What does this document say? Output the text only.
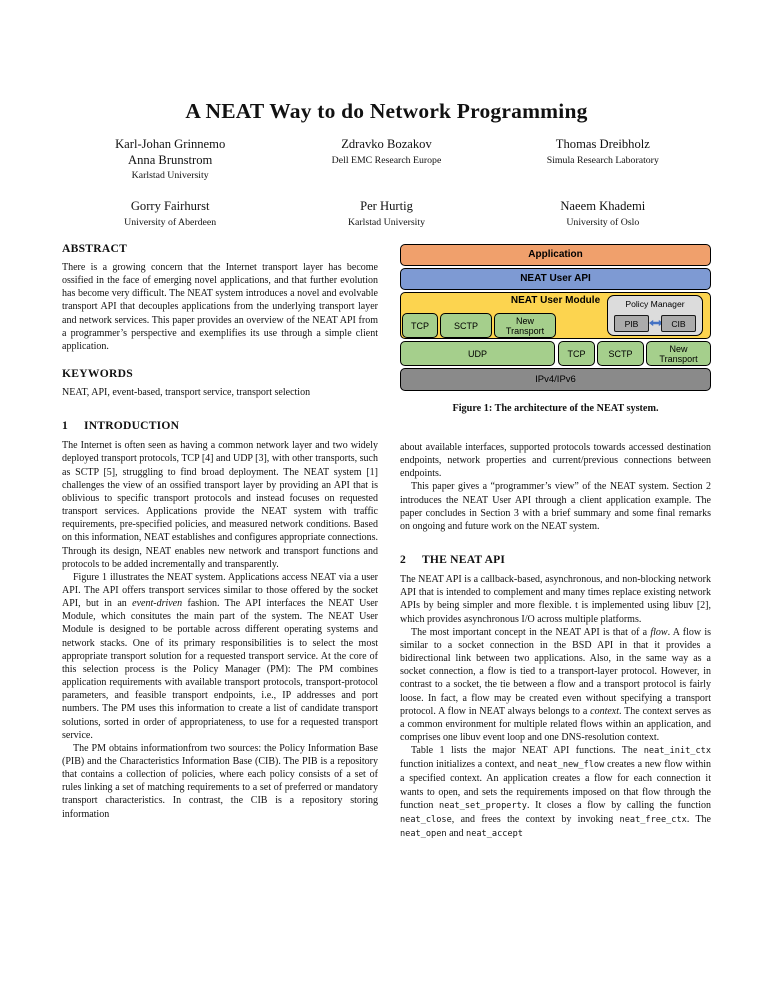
A NEAT Way to do Network Programming
Karl-Johan Grinnemo
Anna Brunstrom
Karlstad University
Zdravko Bozakov
Dell EMC Research Europe
Thomas Dreibholz
Simula Research Laboratory
Gorry Fairhurst
University of Aberdeen
Per Hurtig
Karlstad University
Naeem Khademi
University of Oslo
ABSTRACT

There is a growing concern that the Internet transport layer has become ossified in the face of emerging novel applications, and that further evolution has become very difficult. The NEAT system introduces a novel and evolvable transport API that decouples applications from the underlying transport layer and network services. This paper provides an overview of the NEAT API from a programmer’s perspective and exemplifies its use through a simple client application.

KEYWORDS

NEAT, API, event-based, transport service, transport selection

1 INTRODUCTION

The Internet is often seen as having a common network layer and two widely deployed transport protocols, TCP [4] and UDP [3], with other transports, such as SCTP [5], struggling to find broad deployment. The NEAT system [1] challenges the view of an ossified transport layer by providing an API that is oblivious to specific transport protocols and instead focuses on requested transport services. Applications provide the NEAT system with traffic requirements, pre-specified policies, and measured network conditions. Based on this information, NEAT establishes and configures appropriate connections. Through its design, NEAT enables new network and transport functions and protocols to be added incrementally and transparently.

Figure 1 illustrates the NEAT system. Applications access NEAT via a user API. The API offers transport services similar to those offered by the socket API, but in an event-driven fashion. The API interfaces the NEAT User Module, which consitutes the main part of the system. The NEAT User Module is designed to be portable across different operating systems and network stacks. One of its primary responsibilities is to select the most appropriate transport solution for a requested transport service. At the core of this selection process is the Policy Manager (PM): The PM combines application requirements with available transport protocols, transport-protocol parameters, and feasible transport endpoints, i.e., IP addresses and port numbers. The PM uses this information to create a list of candidate transport solutions, sorted in order of appropriateness, to use for a requested transport service.

The PM obtains informationfrom two sources: the Policy Information Base (PIB) and the Characteristics Information Base (CIB). The PIB is a repository that contains a collection of policies, where each policy consists of a set of rules linking a set of matching requirements to a set of preferred or mandatory transport characteristics. In contrast, the CIB is a repository storing information

Application
NEAT User API
NEAT User Module
TCP	SCTP	New Transport
Policy Manager
PIB	CIB
UDP	TCP	SCTP	New Transport
IPv4/IPv6
Figure 1: The architecture of the NEAT system.

about available interfaces, supported protocols towards accessed destination endpoints, network properties and current/previous connections between endpoints.

This paper gives a “programmer’s view” of the NEAT system. Section 2 introduces the NEAT User API through a client application example. The paper concludes in Section 3 with a brief summary and some final remarks on ongoing and future work on the NEAT system.

2 THE NEAT API

The NEAT API is a callback-based, asynchronous, and non-blocking network API that is intended to complement and many times replace existing network APIs by being simpler and more flexible. t is implemented using libuv [2], which provides asynchronous I/O across multiple platforms.

The most important concept in the NEAT API is that of a flow. A flow is similar to a socket connection in the BSD API in that it provides a bidirectional link between two applications. Also, in the same way as a socket connection, a flow is tied to a transport-layer protocol. However, in contrast to a socket, the tie between a flow and a transport protocol is fairly loose. In fact, a flow may be created even without specifying a transport protocol. A flow in NEAT always belongs to a context. The context serves as a common environment for multiple related flows within an application, and comprises one libuv event loop and one DNS-resolution context.

Table 1 lists the major NEAT API functions. The neat_init_ctx function initializes a context, and neat_new_flow creates a new flow within a specified context. An application creates a flow for each connection it wants to open, and sets the requirements imposed on that flow through the function neat_set_property. It closes a flow by calling the function neat_close, and frees the context by invoking neat_free_ctx. The neat_open and neat_accept
